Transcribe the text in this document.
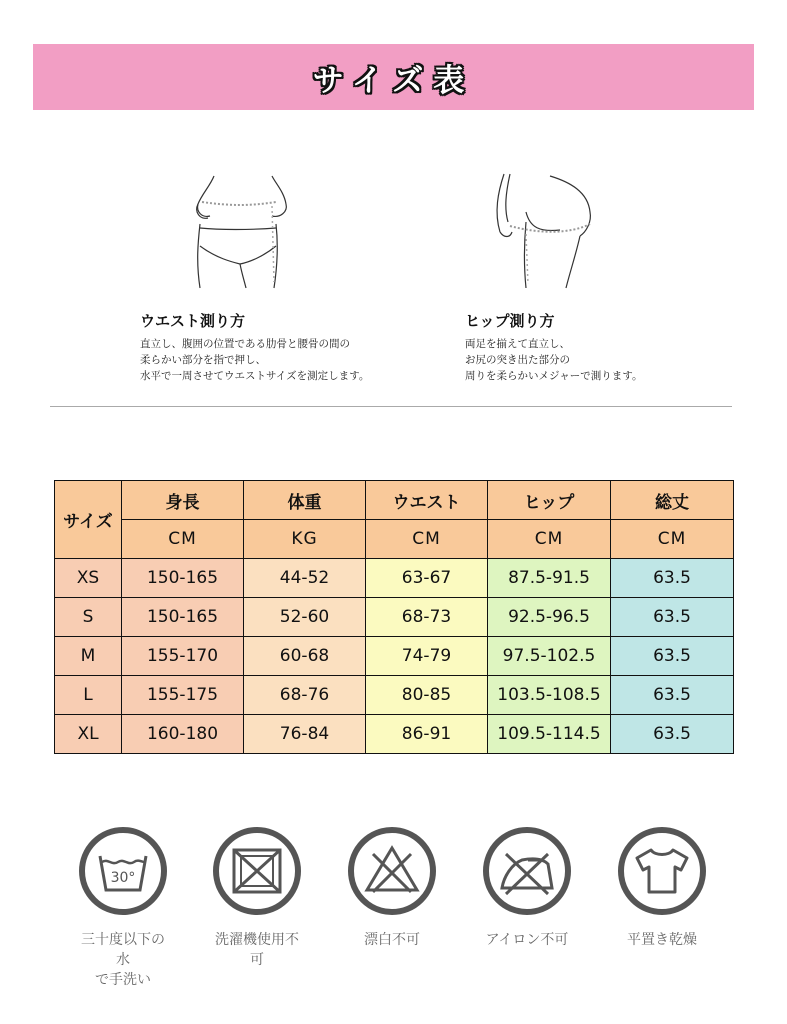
サイズ表
ウエスト測り方
直立し、腹囲の位置である肋骨と腰骨の間の
柔らかい部分を指で押し、
水平で一周させてウエストサイズを測定します。
ヒップ測り方
両足を揃えて直立し、
お尻の突き出た部分の
周りを柔らかいメジャーで測ります。
サイズ	身長	体重	ウエスト	ヒップ	総丈
	CM	KG	CM	CM	CM
XS	150-165	44-52	63-67	87.5-91.5	63.5
S	150-165	52-60	68-73	92.5-96.5	63.5
M	155-170	60-68	74-79	97.5-102.5	63.5
L	155-175	68-76	80-85	103.5-108.5	63.5
XL	160-180	76-84	86-91	109.5-114.5	63.5
30°
三十度以下の水
で手洗い
洗濯機使用不可
漂白不可	アイロン不可	平置き乾燥
